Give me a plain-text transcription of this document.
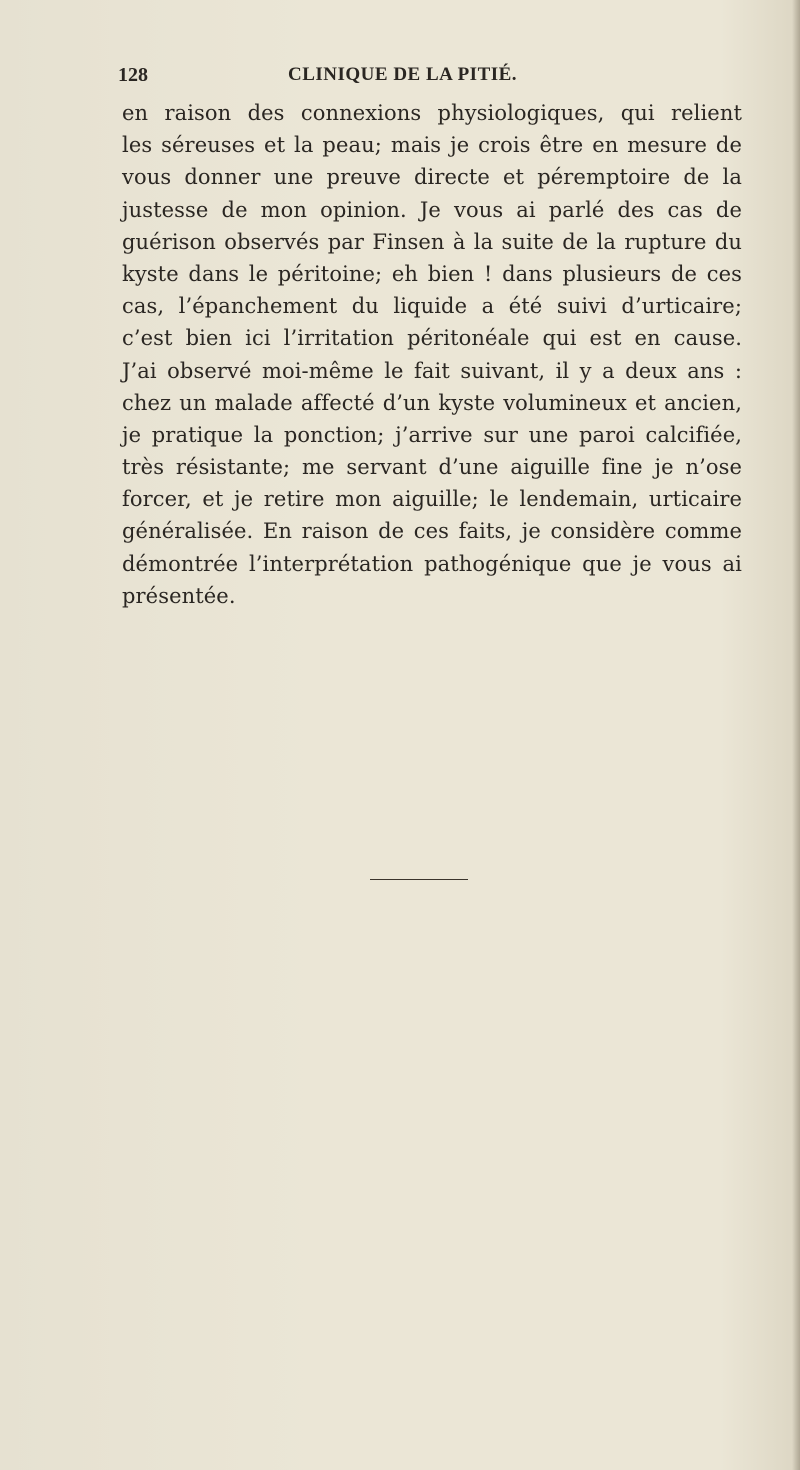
128	CLINIQUE DE LA PITIÉ.
en raison des connexions physiologiques, qui relient
les séreuses et la peau; mais je crois être en mesure de
vous donner une preuve directe et péremptoire de la
justesse de mon opinion. Je vous ai parlé des cas de
guérison observés par Finsen à la suite de la rupture du
kyste dans le péritoine; eh bien ! dans plusieurs de ces
cas, l’épanchement du liquide a été suivi d’urticaire;
c’est bien ici l’irritation péritonéale qui est en cause.
J’ai observé moi-même le fait suivant, il y a deux ans :
chez un malade affecté d’un kyste volumineux et ancien,
je pratique la ponction; j’arrive sur une paroi calcifiée,
très résistante; me servant d’une aiguille fine je n’ose
forcer, et je retire mon aiguille; le lendemain, urticaire
généralisée. En raison de ces faits, je considère comme
démontrée l’interprétation pathogénique que je vous ai
présentée.
